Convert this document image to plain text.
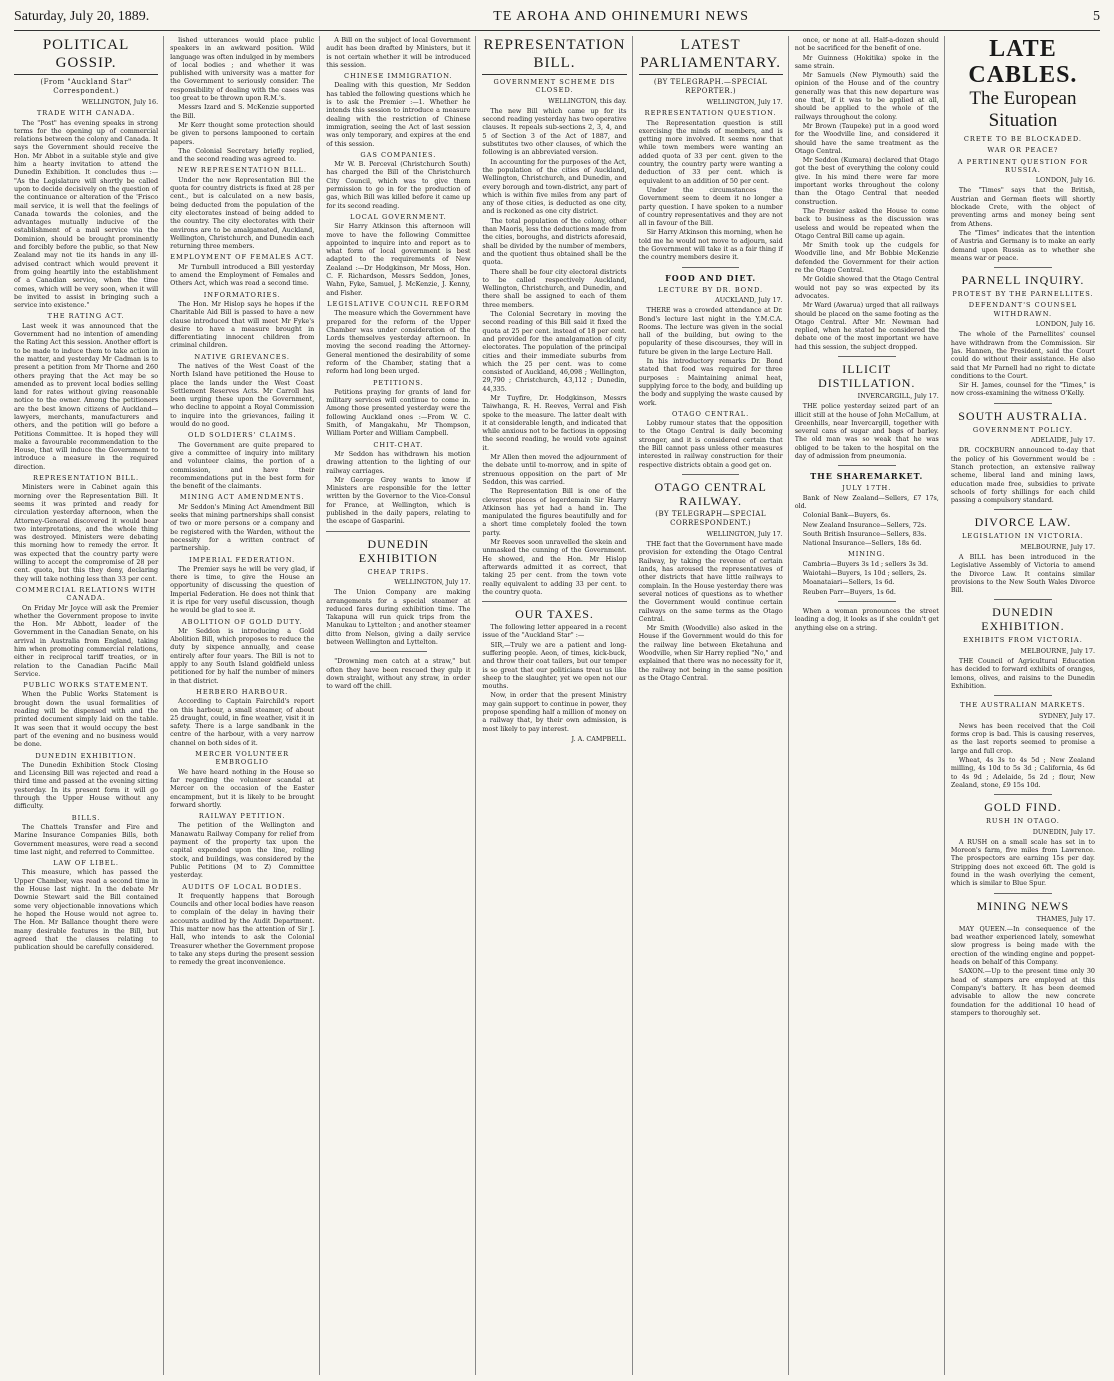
Saturday, July 20, 1889.	TE AROHA AND OHINEMURI NEWS	5
POLITICAL GOSSIP.
(From "Auckland Star" Correspondent.)
WELLINGTON, July 16.
TRADE WITH CANADA.

The "Post" has evening speaks in strong terms for the opening up of commercial relations between the colony and Canada. It says the Government should receive the Hon. Mr Abbot in a suitable style and give him a hearty invitation to attend the Dunedin Exhibition. It concludes thus :— "As the Legislature will shortly be called upon to decide decisively on the question of the continuance or alteration of the 'Frisco mail service, it is well that the feelings of Canada towards the colonies, and the advantages mutually inducive of the establishment of a mail service via the Dominion, should be brought prominently and forcibly before the public, so that New Zealand may not tie its hands in any ill-advised contract which would prevent it from going heartily into the establishment of a Canadian service, when the time comes, which will be very soon, when it will be invited to assist in bringing such a service into existence."

THE RATING ACT.

Last week it was announced that the Government had no intention of amending the Rating Act this session. Another effort is to be made to induce them to take action in the matter, and yesterday Mr Cadman is to present a petition from Mr Thorne and 260 others praying that the Act may be so amended as to prevent local bodies selling land for rates without giving reasonable notice to the owner. Among the petitioners are the best known citizens of Auckland—lawyers, merchants, manufacturers and others, and the petition will go before a Petitions Committee. It is hoped they will make a favourable recommendation to the House, that will induce the Government to introduce a measure in the required direction.

REPRESENTATION BILL.

Ministers were in Cabinet again this morning over the Representation Bill. It seems it was printed and ready for circulation yesterday afternoon, when the Attorney-General discovered it would bear two interpretations, and the whole thing was destroyed. Ministers were debating this morning how to remedy the error. It was expected that the country party were willing to accept the compromise of 28 per cent. quota, but this they deny, declaring they will take nothing less than 33 per cent.

COMMERCIAL RELATIONS WITH CANADA.

On Friday Mr Joyce will ask the Premier whether the Government propose to invite the Hon. Mr Abbott, leader of the Government in the Canadian Senate, on his arrival in Australia from England, taking him when promoting commercial relations, either in reciprocal tariff treaties, or in relation to the Canadian Pacific Mail Service.

PUBLIC WORKS STATEMENT.

When the Public Works Statement is brought down the usual formalities of reading will be dispensed with and the printed document simply laid on the table. It was seen that it would occupy the best part of the evening and no business would be done.

DUNEDIN EXHIBITION.

The Dunedin Exhibition Stock Closing and Licensing Bill was rejected and read a third time and passed at the evening sitting yesterday. In its present form it will go through the Upper House without any difficulty.

BILLS.

The Chattels Transfer and Fire and Marine Insurance Companies Bills, both Government measures, were read a second time last night, and referred to Committee.

LAW OF LIBEL.

This measure, which has passed the Upper Chamber, was read a second time in the House last night. In the debate Mr Downie Stewart said the Bill contained some very objectionable innovations which he hoped the House would not agree to. The Hon. Mr Ballance thought there were many desirable features in the Bill, but agreed that the clauses relating to publication should be carefully considered.

lished utterances would place public speakers in an awkward position. Wild language was often indulged in by members of local bodies ; and whether it was published with university was a matter for the Government to seriously consider. The responsibility of dealing with the cases was too great to be thrown upon R.M.'s.

Messrs Izard and S. McKenzie supported the Bill.

Mr Kerr thought some protection should be given to persons lampooned to certain papers.

The Colonial Secretary briefly replied, and the second reading was agreed to.

NEW REPRESENTATION BILL.

Under the new Representation Bill the quota for country districts is fixed at 28 per cent., but is calculated on a new basis, being deducted from the population of the city electorates instead of being added to the country. The city electorates with their environs are to be amalgamated, Auckland, Wellington, Christchurch, and Dunedin each returning three members.

EMPLOYMENT OF FEMALES ACT.

Mr Turnbull introduced a Bill yesterday to amend the Employment of Females and Others Act, which was read a second time.

INFORMATORIES.

The Hon. Mr Hislop says he hopes if the Charitable Aid Bill is passed to have a new clause introduced that will meet Mr Fyke's desire to have a measure brought in differentiating innocent children from criminal children.

NATIVE GRIEVANCES.

The natives of the West Coast of the North Island have petitioned the House to place the lands under the West Coast Settlement Reserves Acts. Mr Carroll has been urging these upon the Government, who decline to appoint a Royal Commission to inquire into the grievances, failing it would do no good.

OLD SOLDIERS' CLAIMS.

The Government are quite prepared to give a committee of inquiry into military and volunteer claims, the portion of a commission, and have their recommendations put in the best form for the benefit of the claimants.

MINING ACT AMENDMENTS.

Mr Seddon's Mining Act Amendment Bill seeks that mining partnerships shall consist of two or more persons or a company and be registered with the Warden, without the necessity for a written contract of partnership.

IMPERIAL FEDERATION.

The Premier says he will be very glad, if there is time, to give the House an opportunity of discussing the question of Imperial Federation. He does not think that it is ripe for very useful discussion, though he would be glad to see it.

ABOLITION OF GOLD DUTY.

Mr Seddon is introducing a Gold Abolition Bill, which proposes to reduce the duty by sixpence annually, and cease entirely after four years. The Bill is not to apply to any South Island goldfield unless petitioned for by half the number of miners in that district.

HERBERO HARBOUR.

According to Captain Fairchild's report on this harbour, a small steamer, of about 25 draught, could, in fine weather, visit it in safety. There is a large sandbank in the centre of the harbour, with a very narrow channel on both sides of it.

MERCER VOLUNTEER EMBROGLIO

We have heard nothing in the House so far regarding the volunteer scandal at Mercer on the occasion of the Easter encampment, but it is likely to be brought forward shortly.

RAILWAY PETITION.

The petition of the Wellington and Manawatu Railway Company for relief from payment of the property tax upon the capital expended upon the line, rolling stock, and buildings, was considered by the Public Petitions (M to Z) Committee yesterday.

AUDITS OF LOCAL BODIES.

It frequently happens that Borough Councils and other local bodies have reason to complain of the delay in having their accounts audited by the Audit Department. This matter now has the attention of Sir J. Hall, who intends to ask the Colonial Treasurer whether the Government propose to take any steps during the present session to remedy the great inconvenience.

A Bill on the subject of local Government audit has been drafted by Ministers, but it is not certain whether it will be introduced this session.

CHINESE IMMIGRATION.

Dealing with this question, Mr Seddon has tabled the following questions which he is to ask the Premier :—1. Whether he intends this session to introduce a measure dealing with the restriction of Chinese immigration, seeing the Act of last session was only temporary, and expires at the end of this session.

GAS COMPANIES.

Mr W. B. Perceval (Christchurch South) has charged the Bill of the Christchurch City Council, which was to give them permission to go in for the production of gas, which Bill was killed before it came up for its second reading.

LOCAL GOVERNMENT.

Sir Harry Atkinson this afternoon will move to have the following Committee appointed to inquire into and report as to what form of local government is best adapted to the requirements of New Zealand :—Dr Hodgkinson, Mr Moss, Hon. C. F. Richardson, Messrs Seddon, Jones, Wahn, Fyke, Samuel, J. McKenzie, J. Kenny, and Fisher.

LEGISLATIVE COUNCIL REFORM

The measure which the Government have prepared for the reform of the Upper Chamber was under consideration of the Lords themselves yesterday afternoon. In moving the second reading the Attorney-General mentioned the desirability of some reform of the Chamber, stating that a reform had long been urged.

PETITIONS.

Petitions praying for grants of land for military services will continue to come in. Among those presented yesterday were the following Auckland ones :—From W. C. Smith, of Mangakahu, Mr Thompson, William Porter and William Campbell.

CHIT-CHAT.

Mr Seddon has withdrawn his motion drawing attention to the lighting of our railway carriages.

Mr George Grey wants to know if Ministers are responsible for the letter written by the Governor to the Vice-Consul for France, at Wellington, which is published in the daily papers, relating to the escape of Gasparini.

DUNEDIN EXHIBITION
CHEAP TRIPS.
WELLINGTON, July 17.

The Union Company are making arrangements for a special steamer at reduced fares during exhibition time. The Takapuna will run quick trips from the Manukau to Lyttelton ; and another steamer ditto from Nelson, giving a daily service between Wellington and Lyttelton.

"Drowning men catch at a straw," but often they have been rescued they gulp it down straight, without any straw, in order to ward off the chill.

REPRESENTATION BILL.
GOVERNMENT SCHEME DIS CLOSED.
WELLINGTON, this day.

The new Bill which came up for its second reading yesterday has two operative clauses. It repeals sub-sections 2, 3, 4, and 5 of Section 3 of the Act of 1887, and substitutes two other clauses, of which the following is an abbreviated version.

In accounting for the purposes of the Act, the population of the cities of Auckland, Wellington, Christchurch, and Dunedin, and every borough and town-district, any part of which is within five miles from any part of any of those cities, is deducted as one city, and is reckoned as one city district.

The total population of the colony, other than Maoris, less the deductions made from the cities, boroughs, and districts aforesaid, shall be divided by the number of members, and the quotient thus obtained shall be the quota.

There shall be four city electoral districts to be called respectively Auckland, Wellington, Christchurch, and Dunedin, and there shall be assigned to each of them three members.

The Colonial Secretary in moving the second reading of this Bill said it fixed the quota at 25 per cent. instead of 18 per cent. and provided for the amalgamation of city electorates. The population of the principal cities and their immediate suburbs from which the 25 per cent. was to come consisted of Auckland, 46,098 ; Wellington, 29,790 ; Christchurch, 43,112 ; Dunedin, 44,335.

Mr Tuyfire, Dr. Hodgkinson, Messrs Taiwhanga, R. H. Reeves, Verral and Fish spoke to the measure. The latter dealt with it at considerable length, and indicated that while anxious not to be factious in opposing the second reading, he would vote against it.

Mr Allen then moved the adjournment of the debate until to-morrow, and in spite of strenuous opposition on the part of Mr Seddon, this was carried.

The Representation Bill is one of the cleverest pieces of legerdemain Sir Harry Atkinson has yet had a hand in. The manipulated the figures beautifully and for a short time completely fooled the town party.

Mr Reeves soon unravelled the skein and unmasked the cunning of the Government. He showed, and the Hon. Mr Hislop afterwards admitted it as correct, that taking 25 per cent. from the town vote really equivalent to adding 33 per cent. to the country quota.

OUR TAXES.

The following letter appeared in a recent issue of the "Auckland Star" :—

SIR,—Truly we are a patient and long-suffering people. Aeon, of times, kick-buck, and throw their coat tailers, but our temper is so great that our politicians treat us like sheep to the slaughter, yet we open not our mouths.

Now, in order that the present Ministry may gain support to continue in power, they propose spending half a million of money on a railway that, by their own admission, is most likely to pay interest.

J. A. CAMPBELL.
LATEST PARLIAMENTARY.
(BY TELEGRAPH.—SPECIAL REPORTER.)
WELLINGTON, July 17.
REPRESENTATION QUESTION.

The Representation question is still exercising the minds of members, and is getting more involved. It seems now that while town members were wanting an added quota of 33 per cent. given to the country, the country party were wanting a deduction of 33 per cent. which is equivalent to an addition of 50 per cent.

Under the circumstances the Government seem to deem it no longer a party question. I have spoken to a number of country representatives and they are not all in favour of the Bill.

Sir Harry Atkinson this morning, when he told me he would not move to adjourn, said the Government will take it as a fair thing if the country members desire it.

FOOD AND DIET.
LECTURE BY DR. BOND.
AUCKLAND, July 17.

THERE was a crowded attendance at Dr. Bond's lecture last night in the Y.M.C.A. Rooms. The lecture was given in the social hall of the building, but owing to the popularity of these discourses, they will in future be given in the large Lecture Hall.

In his introductory remarks Dr. Bond stated that food was required for three purposes : Maintaining animal heat, supplying force to the body, and building up the body and supplying the waste caused by work.

OTAGO CENTRAL.

Lobby rumour states that the opposition to the Otago Central is daily becoming stronger, and it is considered certain that the Bill cannot pass unless other measures interested in railway construction for their respective districts obtain a good get on.

OTAGO CENTRAL RAILWAY.
(BY TELEGRAPH—SPECIAL CORRESPONDENT.)
WELLINGTON, July 17.

THE fact that the Government have made provision for extending the Otago Central Railway, by taking the revenue of certain lands, has aroused the representatives of other districts that have little railways to complain. In the House yesterday there was several notices of questions as to whether the Government would continue certain railways on the same terms as the Otago Central.

Mr Smith (Woodville) also asked in the House if the Government would do this for the railway line between Eketahuna and Woodville, when Sir Harry replied "No," and explained that there was no necessity for it, the railway not being in the same position as the Otago Central.

once, or none at all. Half-a-dozen should not be sacrificed for the benefit of one.

Mr Guinness (Hokitika) spoke in the same strain.

Mr Samuels (New Plymouth) said the opinion of the House and of the country generally was that this new departure was one that, if it was to be applied at all, should be applied to the whole of the railways throughout the colony.

Mr Brown (Taupeke) put in a good word for the Woodville line, and considered it should have the same treatment as the Otago Central.

Mr Seddon (Kumara) declared that Otago got the best of everything the colony could give. In his mind there were far more important works throughout the colony than the Otago Central that needed construction.

The Premier asked the House to come back to business as the discussion was useless and would be repeated when the Otago Central Bill came up again.

Mr Smith took up the cudgels for Woodville line, and Mr Bobbie McKenzie defended the Government for their action re the Otago Central.

Mr Goldie showed that the Otago Central would not pay so was expected by its advocates.

Mr Ward (Awarua) urged that all railways should be placed on the same footing as the Otago Central. After Mr. Newman had replied, when he stated he considered the debate one of the most important we have had this session, the subject dropped.

ILLICIT DISTILLATION.
INVERCARGILL, July 17.

THE police yesterday seized part of an illicit still at the house of John McCallum, at Greenhills, near Invercargill, together with several cans of sugar and bags of barley. The old man was so weak that he was obliged to be taken to the hospital on the day of admission from pneumonia.

THE SHAREMARKET.
JULY 17TH.

Bank of New Zealand—Sellers, £7 17s, old.

Colonial Bank—Buyers, 6s.

New Zealand Insurance—Sellers, 72s.

South British Insurance—Sellers, 83s.

National Insurance—Sellers, 18s 6d.

MINING.

Cambria—Buyers 3s 1d ; sellers 3s 3d.

Waiotahi—Buyers, 1s 10d ; sellers, 2s.

Moanataiari—Sellers, 1s 6d.

Reuben Parr—Buyers, 1s 6d.

When a woman pronounces the street leading a dog, it looks as if she couldn't get anything else on a string.

LATE CABLES.
The European Situation
CRETE TO BE BLOCKADED.
WAR OR PEACE?
A PERTINENT QUESTION FOR RUSSIA.
LONDON, July 16.

The "Times" says that the British, Austrian and German fleets will shortly blockade Crete, with the object of preventing arms and money being sent from Athens.

The "Times" indicates that the intention of Austria and Germany is to make an early demand upon Russia as to whether she means war or peace.

PARNELL INQUIRY.
PROTEST BY THE PARNELLITES.
DEFENDANT'S COUNSEL WITHDRAWN.
LONDON, July 16.

The whole of the Parnellites' counsel have withdrawn from the Commission. Sir Jas. Hannen, the President, said the Court could do without their assistance. He also said that Mr Parnell had no right to dictate conditions to the Court.

Sir H. James, counsel for the "Times," is now cross-examining the witness O'Kelly.

SOUTH AUSTRALIA.
GOVERNMENT POLICY.
ADELAIDE, July 17.

DR. COCKBURN announced to-day that the policy of his Government would be : Stanch protection, an extensive railway scheme, liberal land and mining laws, education made free, subsidies to private schools of forty shillings for each child passing a compulsory standard.

DIVORCE LAW.
LEGISLATION IN VICTORIA.
MELBOURNE, July 17.

A BILL has been introduced in the Legislative Assembly of Victoria to amend the Divorce Law. It contains similar provisions to the New South Wales Divorce Bill.

DUNEDIN EXHIBITION.
EXHIBITS FROM VICTORIA.
MELBOURNE, July 17.

THE Council of Agricultural Education has decided to forward exhibits of oranges, lemons, olives, and raisins to the Dunedin Exhibition.

THE AUSTRALIAN MARKETS.
SYDNEY, July 17.

News has been received that the Coil forms crop is bad. This is causing reserves, as the last reports seemed to promise a large and full crop.

Wheat, 4s 3s to 4s 5d ; New Zealand milling, 4s 10d to 5s 3d ; California, 4s 6d to 4s 9d ; Adelaide, 5s 2d ; flour, New Zealand, stone, £9 15s 10d.

GOLD FIND.
RUSH IN OTAGO.
DUNEDIN, July 17.

A RUSH on a small scale has set in to Moreon's farm, five miles from Lawrence. The prospectors are earning 15s per day. Stripping does not exceed 6ft. The gold is found in the wash overlying the cement, which is similar to Blue Spur.

MINING NEWS
THAMES, July 17.

MAY QUEEN.—In consequence of the bad weather experienced lately, somewhat slow progress is being made with the erection of the winding engine and poppet-heads on behalf of this Company.

SAXON.—Up to the present time only 30 head of stampers are employed at this Company's battery. It has been deemed advisable to allow the new concrete foundation for the additional 10 head of stampers to thoroughly set.
